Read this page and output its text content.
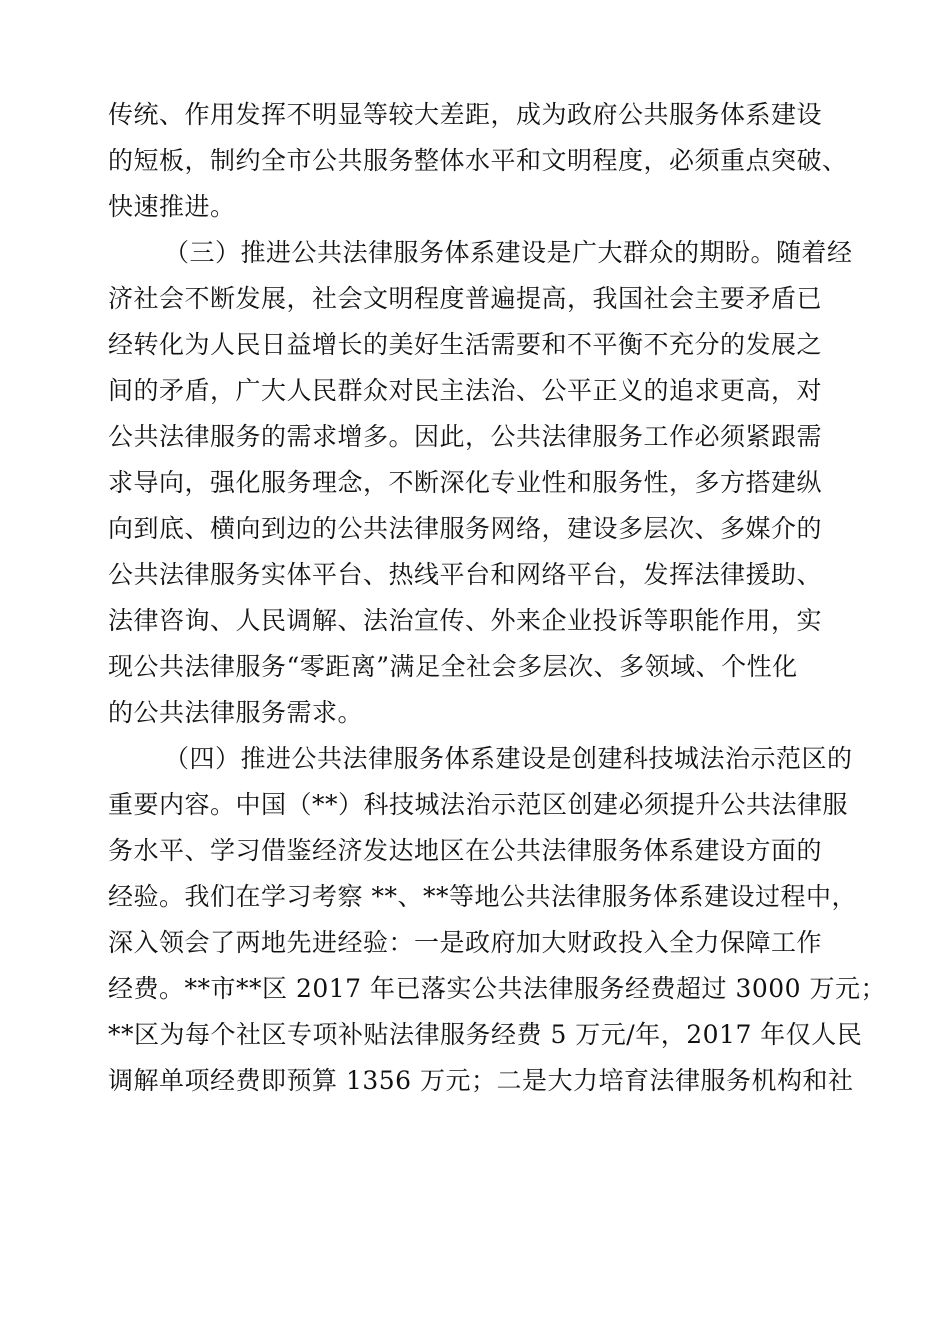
传统、作用发挥不明显等较大差距，成为政府公共服务体系建设
的短板，制约全市公共服务整体水平和文明程度，必须重点突破、
快速推进。
（三）推进公共法律服务体系建设是广大群众的期盼。随着经
济社会不断发展，社会文明程度普遍提高，我国社会主要矛盾已
经转化为人民日益增长的美好生活需要和不平衡不充分的发展之
间的矛盾，广大人民群众对民主法治、公平正义的追求更高，对
公共法律服务的需求增多。因此，公共法律服务工作必须紧跟需
求导向，强化服务理念，不断深化专业性和服务性，多方搭建纵
向到底、横向到边的公共法律服务网络，建设多层次、多媒介的
公共法律服务实体平台、热线平台和网络平台，发挥法律援助、
法律咨询、人民调解、法治宣传、外来企业投诉等职能作用，实
现公共法律服务“零距离”满足全社会多层次、多领域、个性化
的公共法律服务需求。
（四）推进公共法律服务体系建设是创建科技城法治示范区的
重要内容。中国（**）科技城法治示范区创建必须提升公共法律服
务水平、学习借鉴经济发达地区在公共法律服务体系建设方面的
经验。我们在学习考察 **、**等地公共法律服务体系建设过程中，
深入领会了两地先进经验：一是政府加大财政投入全力保障工作
经费。**市**区 2017 年已落实公共法律服务经费超过 3000 万元；
**区为每个社区专项补贴法律服务经费 5 万元/年，2017 年仅人民
调解单项经费即预算 1356 万元；二是大力培育法律服务机构和社
